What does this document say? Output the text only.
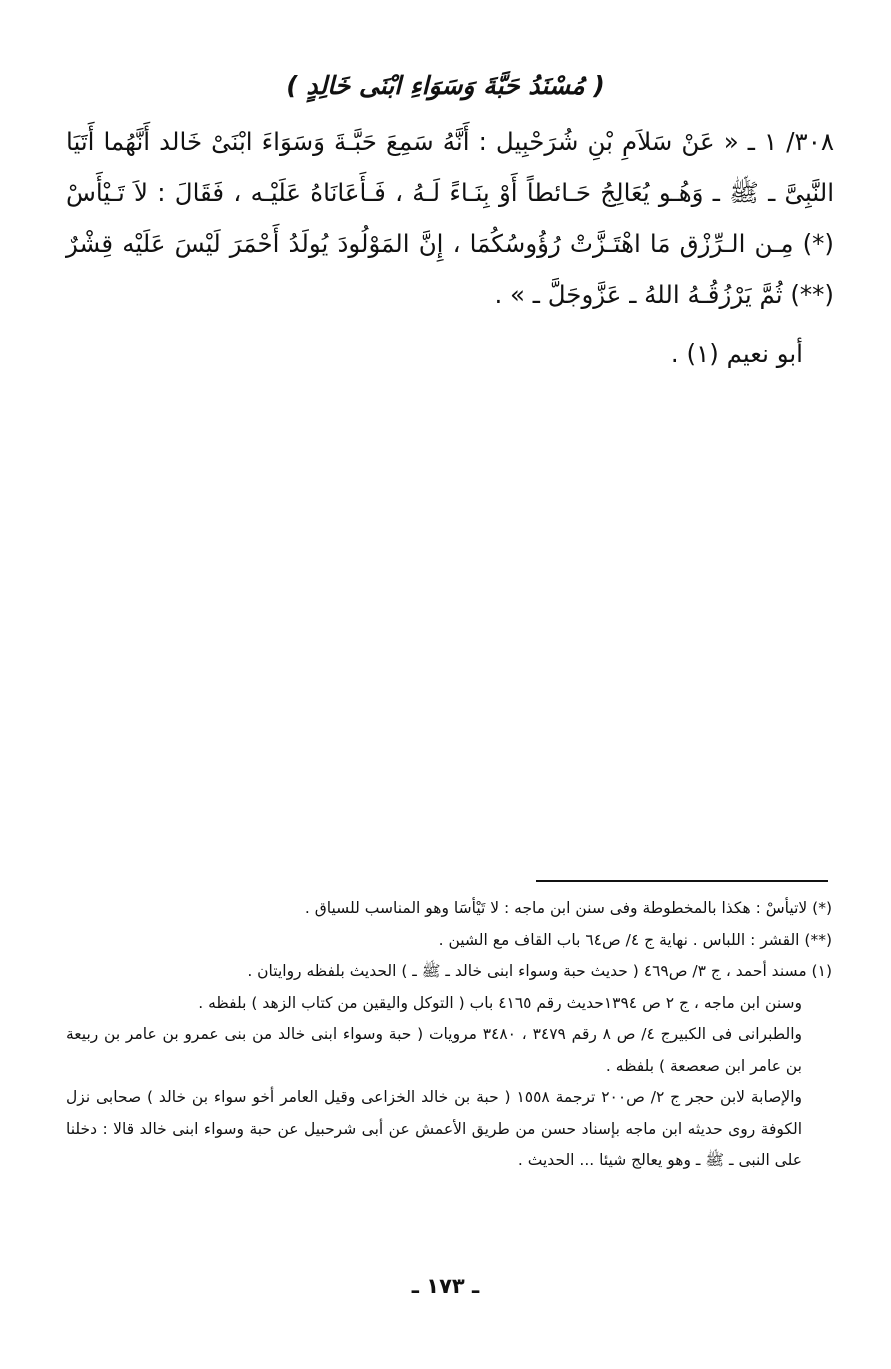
( مُسْنَدُ حَبَّةَ وَسَوَاءِ ابْنَى خَالِدٍ )

٣٠٨/ ١ ـ « عَنْ سَلاَمِ بْنِ شُرَحْبِيل : أَنَّهُ سَمِعَ حَبَّـةَ وَسَوَاءَ ابْنَىْ خَالد أَنَّهُما أَتَيَا النَّبِىَّ ـ ﷺ ـ وَهُـو يُعَالِجُ حَـائطاً أَوْ بِنَـاءً لَـهُ ، فَـأَعَانَاهُ عَلَيْـه ، فَقَالَ : لاَ تَـيْأَسْ (*) مِـن الـرِّزْق مَا اهْتَـزَّتْ رُؤُوسُكُمَا ، إِنَّ المَوْلُودَ يُولَدُ أَحْمَرَ لَيْسَ عَلَيْه قِشْرٌ (**) ثُمَّ يَرْزُقُـهُ اللهُ ـ عَزَّوجَلَّ ـ » .

أبو نعيم (١) .

(*) لاتيأسْ : هكذا بالمخطوطة وفى سنن ابن ماجه : لا تَيْأسَا وهو المناسب للسياق .

(**) القشر : اللباس . نهاية ج ٤/ ص٦٤ باب القاف مع الشين .

(١) مسند أحمد ، ج ٣/ ص٤٦٩ ( حديث حبة وسواء ابنى خالد ـ ﷺ ـ ) الحديث بلفظه روايتان .

وسنن ابن ماجه ، ج ٢ ص ١٣٩٤حديث رقم ٤١٦٥ باب ( التوكل واليقين من كتاب الزهد ) بلفظه .

والطبرانى فى الكبيرج ٤/ ص ٨ رقم ٣٤٧٩ ، ٣٤٨٠ مرويات ( حبة وسواء ابنى خالد من بنى عمرو بن عامر بن ربيعة بن عامر ابن صعصعة ) بلفظه .

والإصابة لابن حجر ج ٢/ ص٢٠٠ ترجمة ١٥٥٨ ( حبة بن خالد الخزاعى وقيل العامر أخو سواء بن خالد ) صحابى نزل الكوفة روى حديثه ابن ماجه بإسناد حسن من طريق الأعمش عن أبى شرحبيل عن حبة وسواء ابنى خالد قالا : دخلنا على النبى ـ ﷺ ـ وهو يعالج شيئا ... الحديث .

ـ ١٧٣ ـ
